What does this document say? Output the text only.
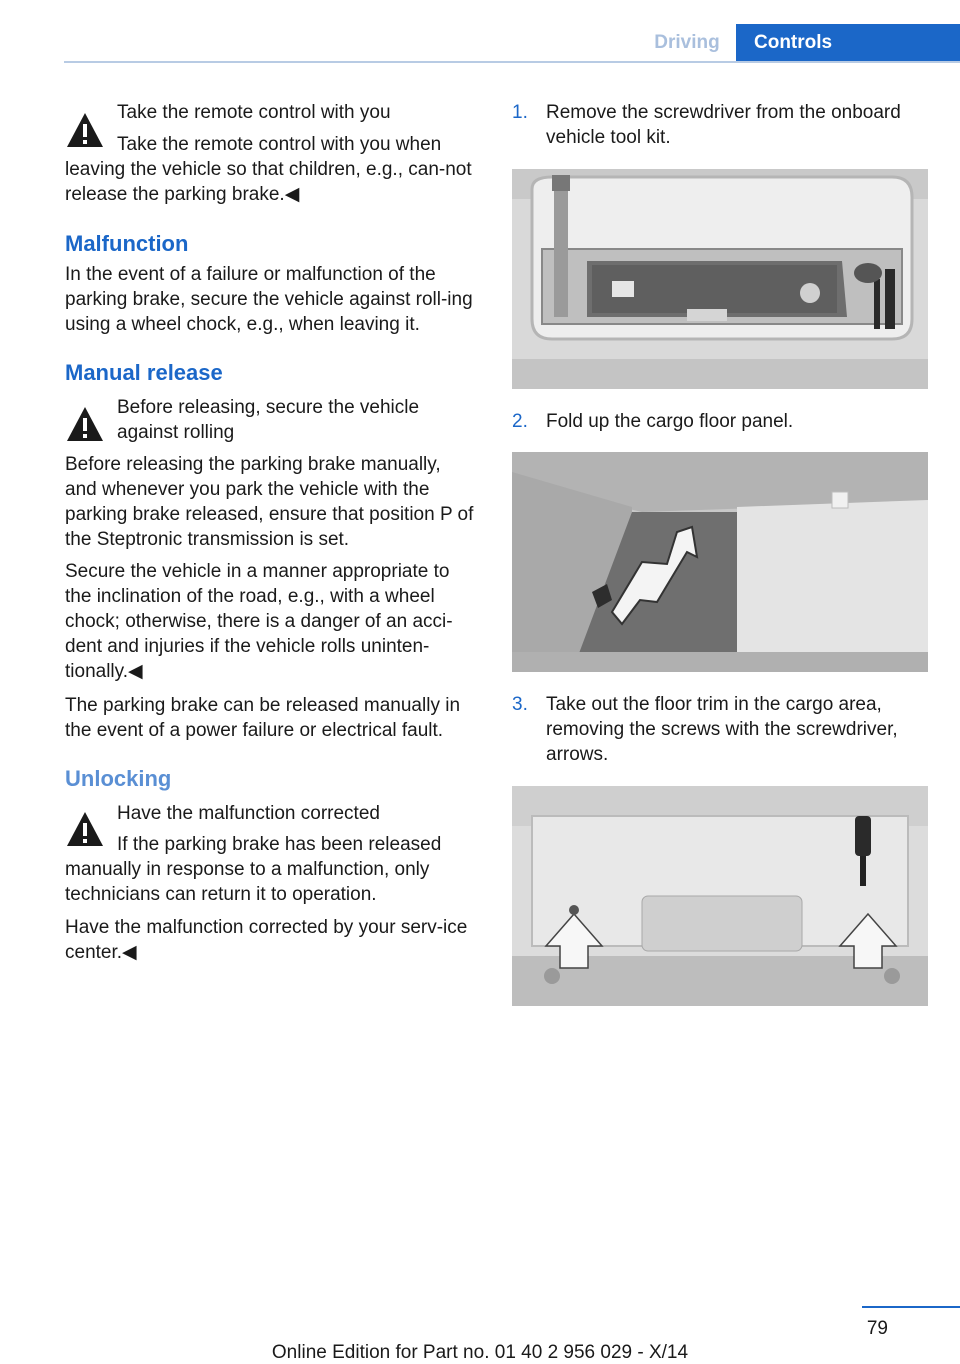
Driving	Controls

Take the remote control with you

Take the remote control with you when leaving the vehicle so that children, e.g., can‐not release the parking brake.◀

Malfunction

In the event of a failure or malfunction of the parking brake, secure the vehicle against roll‐ing using a wheel chock, e.g., when leaving it.

Manual release

Before releasing, secure the vehicle against rolling

Before releasing the parking brake manually, and whenever you park the vehicle with the parking brake released, ensure that position P of the Steptronic transmission is set.

Secure the vehicle in a manner appropriate to the inclination of the road, e.g., with a wheel chock; otherwise, there is a danger of an acci‐dent and injuries if the vehicle rolls uninten‐tionally.◀

The parking brake can be released manually in the event of a power failure or electrical fault.

Unlocking

Have the malfunction corrected

If the parking brake has been released manually in response to a malfunction, only technicians can return it to operation.

Have the malfunction corrected by your serv‐ice center.◀

1. Remove the screwdriver from the onboard vehicle tool kit.
2. Fold up the cargo floor panel.
3. Take out the floor trim in the cargo area, removing the screws with the screwdriver, arrows.
79
Online Edition for Part no. 01 40 2 956 029 - X/14
